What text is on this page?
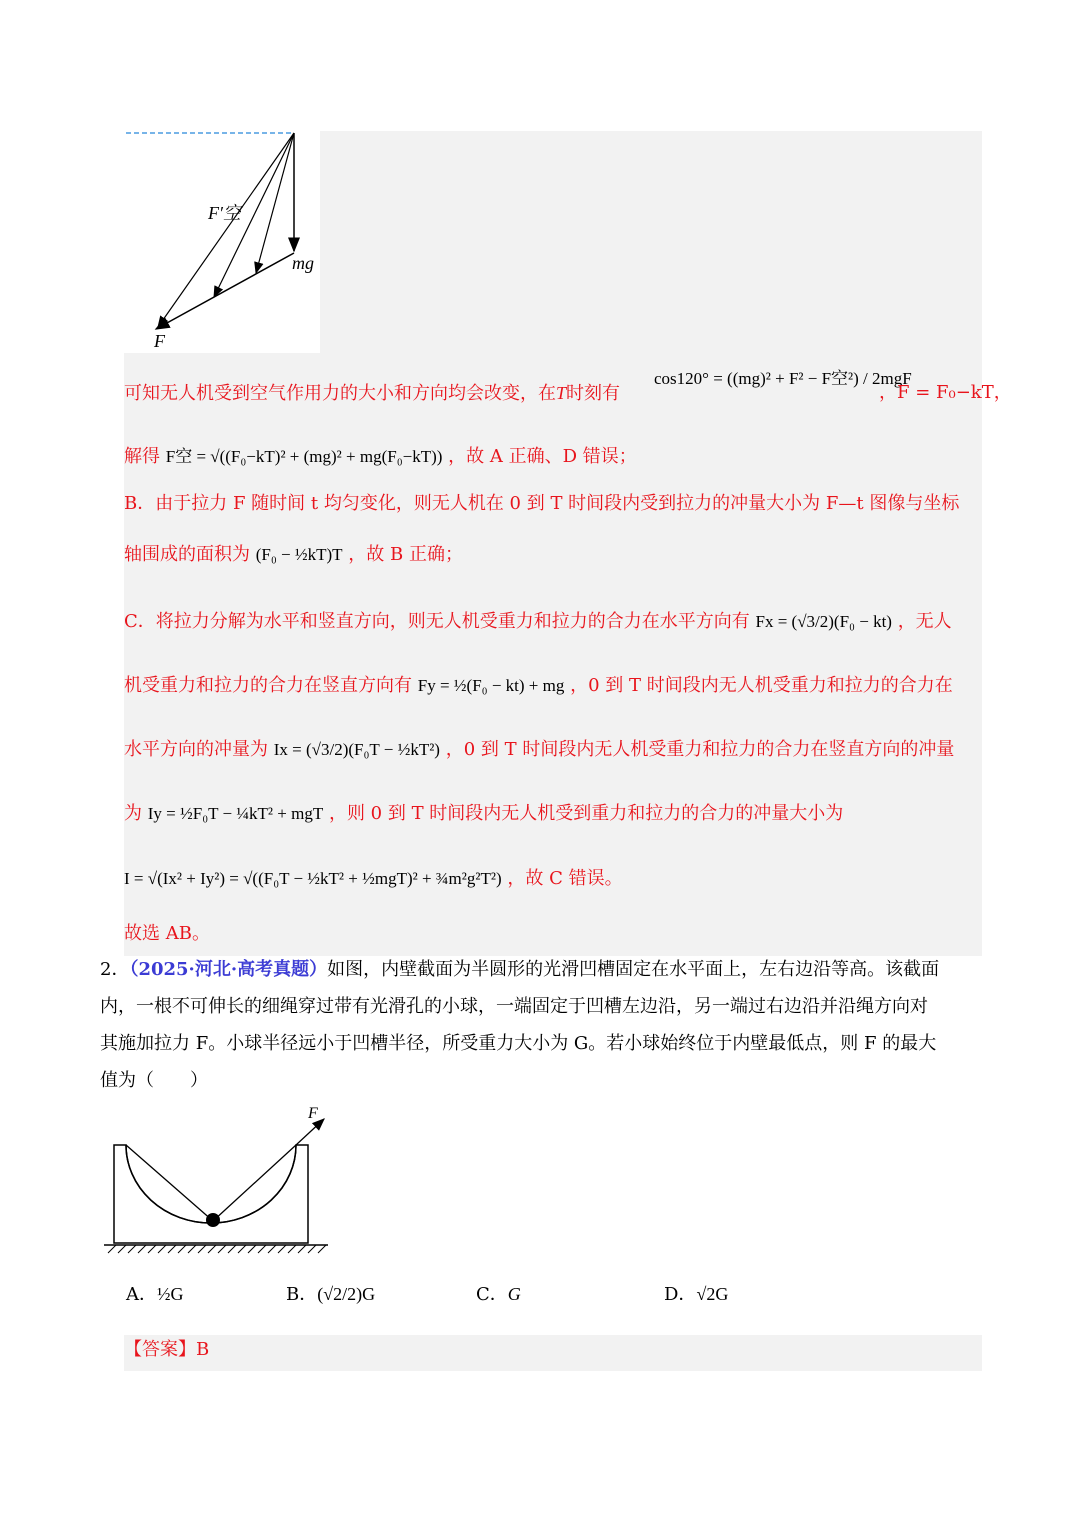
F′空
mg
F
可知无人机受到空气作用力的大小和方向均会改变，在T时刻有
cos120° = ((mg)² + F² − F空²) / 2mgF
，F = F₀−kT，
解得 F空 = √((F₀−kT)² + (mg)² + mg(F₀−kT)) ，故 A 正确、D 错误；
B．由于拉力 F 随时间 t 均匀变化，则无人机在 0 到 T 时间段内受到拉力的冲量大小为 F—t 图像与坐标
轴围成的面积为 (F₀ − ½kT)T ，故 B 正确；
C．将拉力分解为水平和竖直方向，则无人机受重力和拉力的合力在水平方向有 Fx = (√3/2)(F₀ − kt) ，无人
机受重力和拉力的合力在竖直方向有 Fy = ½(F₀ − kt) + mg ，0 到 T 时间段内无人机受重力和拉力的合力在
水平方向的冲量为 Ix = (√3/2)(F₀T − ½kT²) ，0 到 T 时间段内无人机受重力和拉力的合力在竖直方向的冲量
为 Iy = ½F₀T − ¼kT² + mgT ，则 0 到 T 时间段内无人机受到重力和拉力的合力的冲量大小为
I = √(Ix² + Iy²) = √((F₀T − ½kT² + ½mgT)² + ¾m²g²T²) ，故 C 错误。
故选 AB。
2．（2025·河北·高考真题）如图，内壁截面为半圆形的光滑凹槽固定在水平面上，左右边沿等高。该截面
内，一根不可伸长的细绳穿过带有光滑孔的小球，一端固定于凹槽左边沿，另一端过右边沿并沿绳方向对
其施加拉力 F。小球半径远小于凹槽半径，所受重力大小为 G。若小球始终位于内壁最低点，则 F 的最大
值为（　　）
F
A．½G	B．(√2/2)G	C．G	D．√2G
【答案】B
